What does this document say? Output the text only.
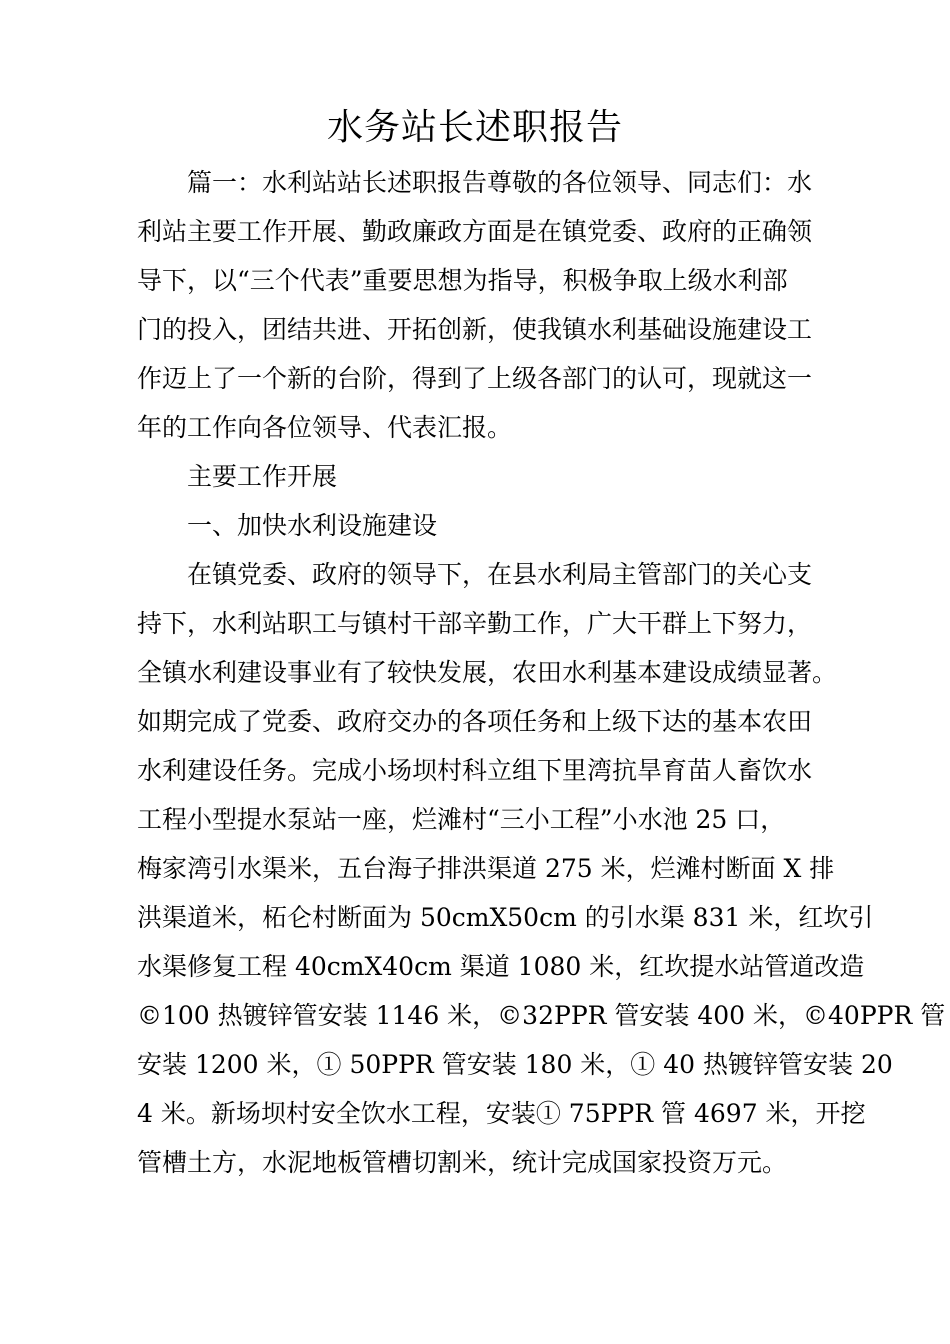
水务站长述职报告

篇一：水利站站长述职报告尊敬的各位领导、同志们：水

利站主要工作开展、勤政廉政方面是在镇党委、政府的正确领

导下，以“三个代表”重要思想为指导，积极争取上级水利部

门的投入，团结共进、开拓创新，使我镇水利基础设施建设工

作迈上了一个新的台阶，得到了上级各部门的认可，现就这一

年的工作向各位领导、代表汇报。

主要工作开展

一、加快水利设施建设

在镇党委、政府的领导下，在县水利局主管部门的关心支

持下，水利站职工与镇村干部辛勤工作，广大干群上下努力，

全镇水利建设事业有了较快发展，农田水利基本建设成绩显著。

如期完成了党委、政府交办的各项任务和上级下达的基本农田

水利建设任务。完成小场坝村科立组下里湾抗旱育苗人畜饮水

工程小型提水泵站一座，烂滩村“三小工程”小水池 25 口，

梅家湾引水渠米，五台海子排洪渠道 275 米，烂滩村断面 X 排

洪渠道米，柘仑村断面为 50cmX50cm 的引水渠 831 米，红坎引

水渠修复工程 40cmX40cm 渠道 1080 米，红坎提水站管道改造

©100 热镀锌管安装 1146 米，©32PPR 管安装 400 米，©40PPR 管

安装 1200 米，① 50PPR 管安装 180 米，① 40 热镀锌管安装 20

4 米。新场坝村安全饮水工程，安装① 75PPR 管 4697 米，开挖

管槽土方，水泥地板管槽切割米，统计完成国家投资万元。
